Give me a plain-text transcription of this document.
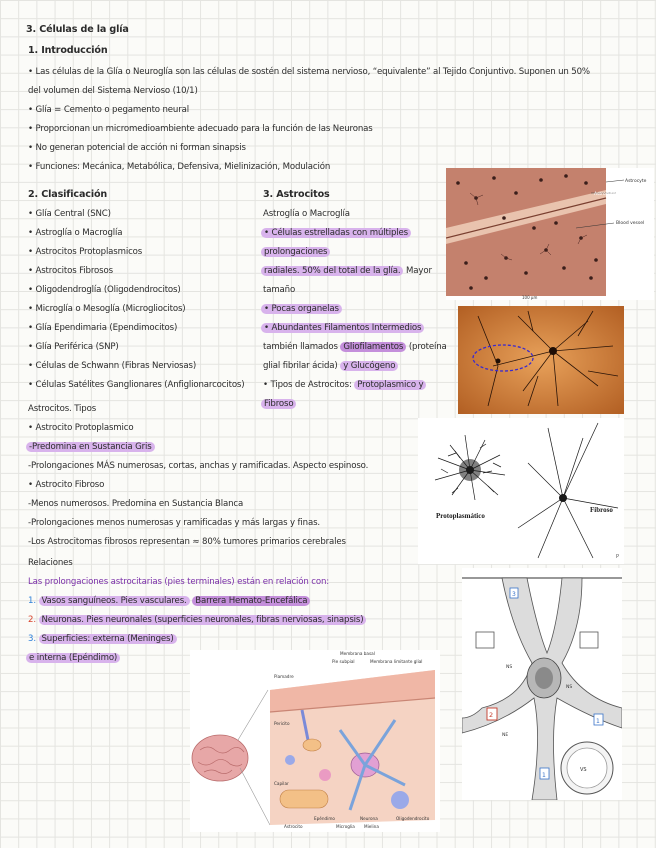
3. Células de la glía
1. Introducción
• Las células de la Glía o Neuroglía son las células de sostén del sistema nervioso, “equivalente” al Tejido Conjuntivo. Suponen un 50%
del volumen del Sistema Nervioso (10/1)
• Glía = Cemento o pegamento neural
• Proporcionan un micromedioambiente adecuado para la función de las Neuronas
• No generan potencial de acción ni forman sinapsis
• Funciones: Mecánica, Metabólica, Defensiva, Mielinización, Modulación
2. Clasificación
• Glía Central (SNC)
• Astroglía o Macroglía
• Astrocitos Protoplasmicos
• Astrocitos Fibrosos
• Oligodendroglía (Oligodendrocitos)
• Microglía o Mesoglía (Microgliocitos)
• Glía Ependimaria (Ependimocitos)
• Glía Periférica (SNP)
• Células de Schwann (Fibras Nerviosas)
• Células Satélites Ganglionares (Anfiglionarcocitos)
3. Astrocitos
Astroglía o Macroglía
• Células estrelladas con múltiples
prolongaciones
radiales. 50% del total de la glía. Mayor
tamaño
• Pocas organelas
• Abundantes Filamentos Intermedios
también llamados Gliofilamentos (proteína
glial fibrilar ácida) y Glucógeno
• Tipos de Astrocitos: Protoplasmico y
Fibroso
Astrocitos. Tipos
• Astrocito Protoplasmico
-Predomina en Sustancia Gris
-Prolongaciones MÁS numerosas, cortas, anchas y ramificadas. Aspecto espinoso.
• Astrocito Fibroso
-Menos numerosos. Predomina en Sustancia Blanca
-Prolongaciones menos numerosas y ramificadas y más largas y finas.
-Los Astrocitomas fibrosos representan ≈ 80% tumores primarios cerebrales
Relaciones
Las prolongaciones astrocitarias (pies terminales) están en relación con:
1. Vasos sanguíneos. Pies vasculares. Barrera Hemato-Encefálica
2. Neuronas. Pies neuronales (superficies neuronales, fibras nerviosas, sinapsis)
3. Superficies: externa (Meninges)
e interna (Epéndimo)
Astrocyte
Astrocytes
Blood vessel
100 µm
Protoplasmático
Fibroso
P
3
2
1
1
NS
NS
NE
VS
Membrana basal
Pie subpial	Membrana limitante glial
Piamadre
Pericito
Capilar
Astrocito	Microglia
Epéndimo	Neurona
Mielina
Oligodendrocito
